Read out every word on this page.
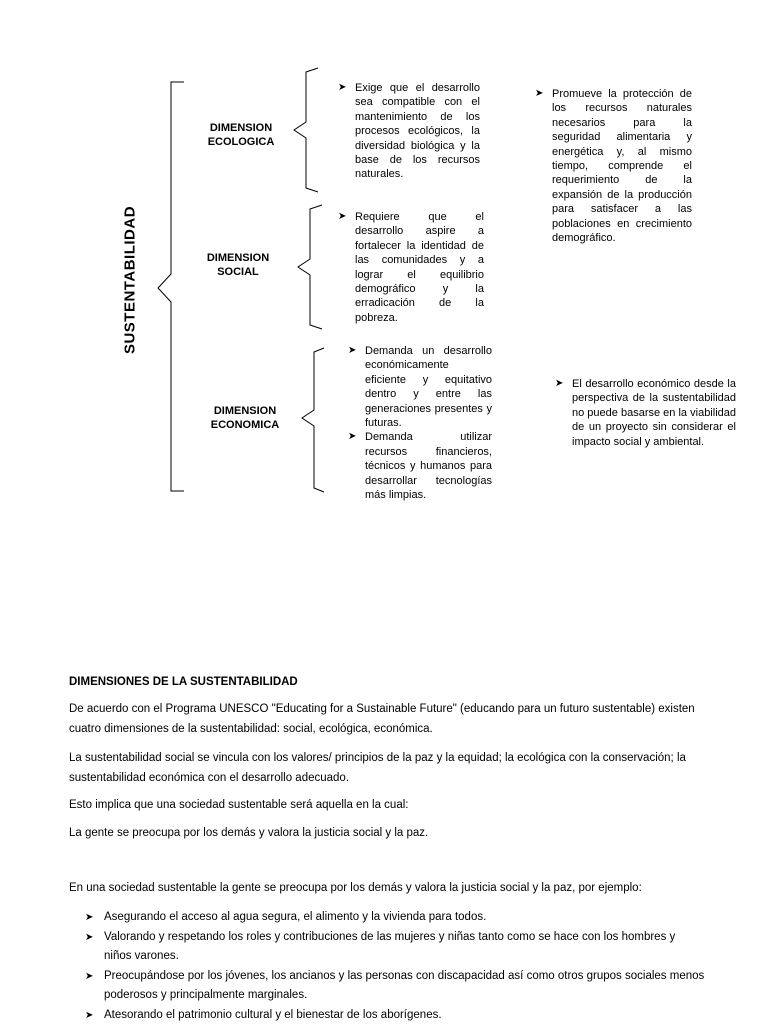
SUSTENTABILIDAD
DIMENSION
ECOLOGICA
DIMENSION
SOCIAL
DIMENSION
ECONOMICA
➤ Exige que el desarrollo sea compatible con el mantenimiento de los procesos ecológicos, la diversidad biológica y la base de los recursos naturales.
➤ Promueve la protección de los recursos naturales necesarios para la seguridad alimentaria y energética y, al mismo tiempo, comprende el requerimiento de la expansión de la producción para satisfacer a las poblaciones en crecimiento demográfico.
➤ Requiere que el desarrollo aspire a fortalecer la identidad de las comunidades y a lograr el equilibrio demográfico y la erradicación de la pobreza.
➤ Demanda un desarrollo económicamente eficiente y equitativo dentro y entre las generaciones presentes y futuras.
➤ Demanda utilizar recursos financieros, técnicos y humanos para desarrollar tecnologías más limpias.
➤ El desarrollo económico desde la perspectiva de la sustentabilidad no puede basarse en la viabilidad de un proyecto sin considerar el impacto social y ambiental.

DIMENSIONES DE LA SUSTENTABILIDAD

De acuerdo con el Programa UNESCO "Educating for a Sustainable Future" (educando para un futuro sustentable) existen cuatro dimensiones de la sustentabilidad: social, ecológica, económica.

La sustentabilidad social se vincula con los valores/ principios de la paz y la equidad; la ecológica con la conservación; la sustentabilidad económica con el desarrollo adecuado.

Esto implica que una sociedad sustentable será aquella en la cual:

La gente se preocupa por los demás y valora la justicia social y la paz.

En una sociedad sustentable la gente se preocupa por los demás y valora la justicia social y la paz, por ejemplo:

➤ Asegurando el acceso al agua segura, el alimento y la vivienda para todos.
➤ Valorando y respetando los roles y contribuciones de las mujeres y niñas tanto como se hace con los hombres y niños varones.
➤ Preocupándose por los jóvenes, los ancianos y las personas con discapacidad así como otros grupos sociales menos poderosos y principalmente marginales.
➤ Atesorando el patrimonio cultural y el bienestar de los aborígenes.
